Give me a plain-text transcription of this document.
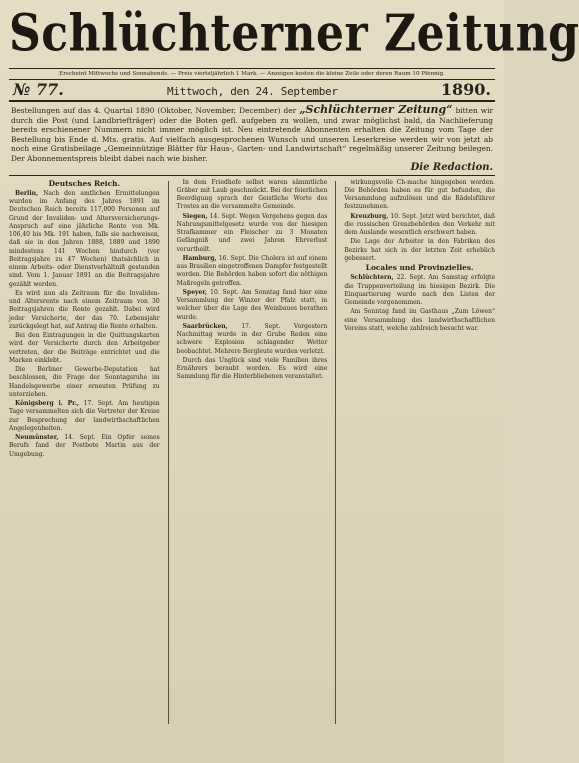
Schlüchterner Zeitung
Erscheint Mittwochs und Sonnabends. — Preis vierteljährlich 1 Mark. — Anzeigen kosten die kleine Zeile oder deren Raum 10 Pfennig.
№ 77.	Mittwoch, den 24. September	1890.
Bestellungen auf das 4. Quartal 1890 (Oktober, November, December) der „Schlüchterner Zeitung“ bitten wir durch die Post (und Landbriefträger) oder die Boten gefl. aufgeben zu wollen, und zwar möglichst bald, da Nachlieferung bereits erschienener Nummern nicht immer möglich ist. Neu eintretende Abonnenten erhalten die Zeitung vom Tage der Bestellung bis Ende d. Mts. gratis. Auf vielfach ausgesprochenen Wunsch und unseren Leserkreise werden wir von jetzt ab noch eine Gratisbeilage „Gemeinnützige Blätter für Haus-, Garten- und Landwirtschaft“ regelmäßig unserer Zeitung beilegen. Der Abonnementspreis bleibt dabei nach wie bisher.
Die Redaction.
Deutsches Reich.

Berlin, Nach den amtlichen Ermittelungen wurden im Anfang des Jahres 1891 im Deutschen Reich bereits 117,000 Personen auf Grund der Invaliden- und Altersversicherungs-Anspruch auf eine jährliche Rente von Mk. 106,40 bis Mk. 191 haben, falls sie nachweisen, daß sie in den Jahren 1888, 1889 und 1890 mindestens 141 Wochen hindurch (vor Beitragsjahre zu 47 Wochen) thatsächlich in einem Arbeits- oder Dienstverhältniß gestanden sind. Vom 1. Januar 1891 an die Beitragsjahre gezählt werden.

Es wird nun als Zeitraum für die Invaliden- und Altersrente nach einem Zeitraum von 30 Beitragsjahren die Rente gezahlt. Dabei wird jeder Versicherte, der das 70. Lebensjahr zurückgelegt hat, auf Antrag die Rente erhalten.

Bei den Eintragungen in die Quittungskarten wird der Versicherte durch den Arbeitgeber vertreten, der die Beiträge entrichtet und die Marken einklebt.

Die Berliner Gewerbe-Deputation hat beschlossen, die Frage der Sonntagsruhe im Handelsgewerbe einer erneuten Prüfung zu unterziehen.

Königsberg i. Pr., 17. Sept. Am heutigen Tage versammelten sich die Vertreter der Kreise zur Besprechung der landwirthschaftlichen Angelegenheiten.

Neumünster, 14. Sept. Ein Opfer seines Berufs fand der Postbote Martin aus der Umgebung.

In dem Friedhofe selbst waren sämmtliche Gräber mit Laub geschmückt. Bei der feierlichen Beerdigung sprach der Geistliche Worte des Trostes an die versammelte Gemeinde.

Siegen, 14. Sept. Wegen Vergehens gegen das Nahrungsmittelgesetz wurde von der hiesigen Strafkammer ein Fleischer zu 3 Monaten Gefängniß und zwei Jahren Ehrverlust verurtheilt.

Hamburg, 16. Sept. Die Cholera ist auf einem aus Brasilien eingetroffenen Dampfer festgestellt worden. Die Behörden haben sofort die nöthigen Maßregeln getroffen.

Speyer, 10. Sept. Am Sonntag fand hier eine Versammlung der Winzer der Pfalz statt, in welcher über die Lage des Weinbaues berathen wurde.

Saarbrücken, 17. Sept. Vorgestern Nachmittag wurde in der Grube Reden eine schwere Explosion schlagender Wetter beobachtet. Mehrere Bergleute wurden verletzt.

Durch das Unglück sind viele Familien ihres Ernährers beraubt worden. Es wird eine Sammlung für die Hinterbliebenen veranstaltet.

wirkungsvolle Ch-mache hingegeben worden. Die Behörden haben es für gut befunden, die Versammlung aufzulösen und die Rädelsführer festzunehmen.

Kreuzburg, 10. Sept. Jetzt wird berichtet, daß die russischen Grenzbehörden den Verkehr mit dem Auslande wesentlich erschwert haben.

Die Lage der Arbeiter in den Fabriken des Bezirks hat sich in der letzten Zeit erheblich gebessert.

Locales und Provinzielles.

Schlüchtern, 22. Sept. Am Samstag erfolgte die Truppenverteilung im hiesigen Bezirk. Die Einquartierung wurde nach den Listen der Gemeinde vorgenommen.

Am Sonntag fand im Gasthaus „Zum Löwen“ eine Versammlung des landwirthschaftlichen Vereins statt, welche zahlreich besucht war.
